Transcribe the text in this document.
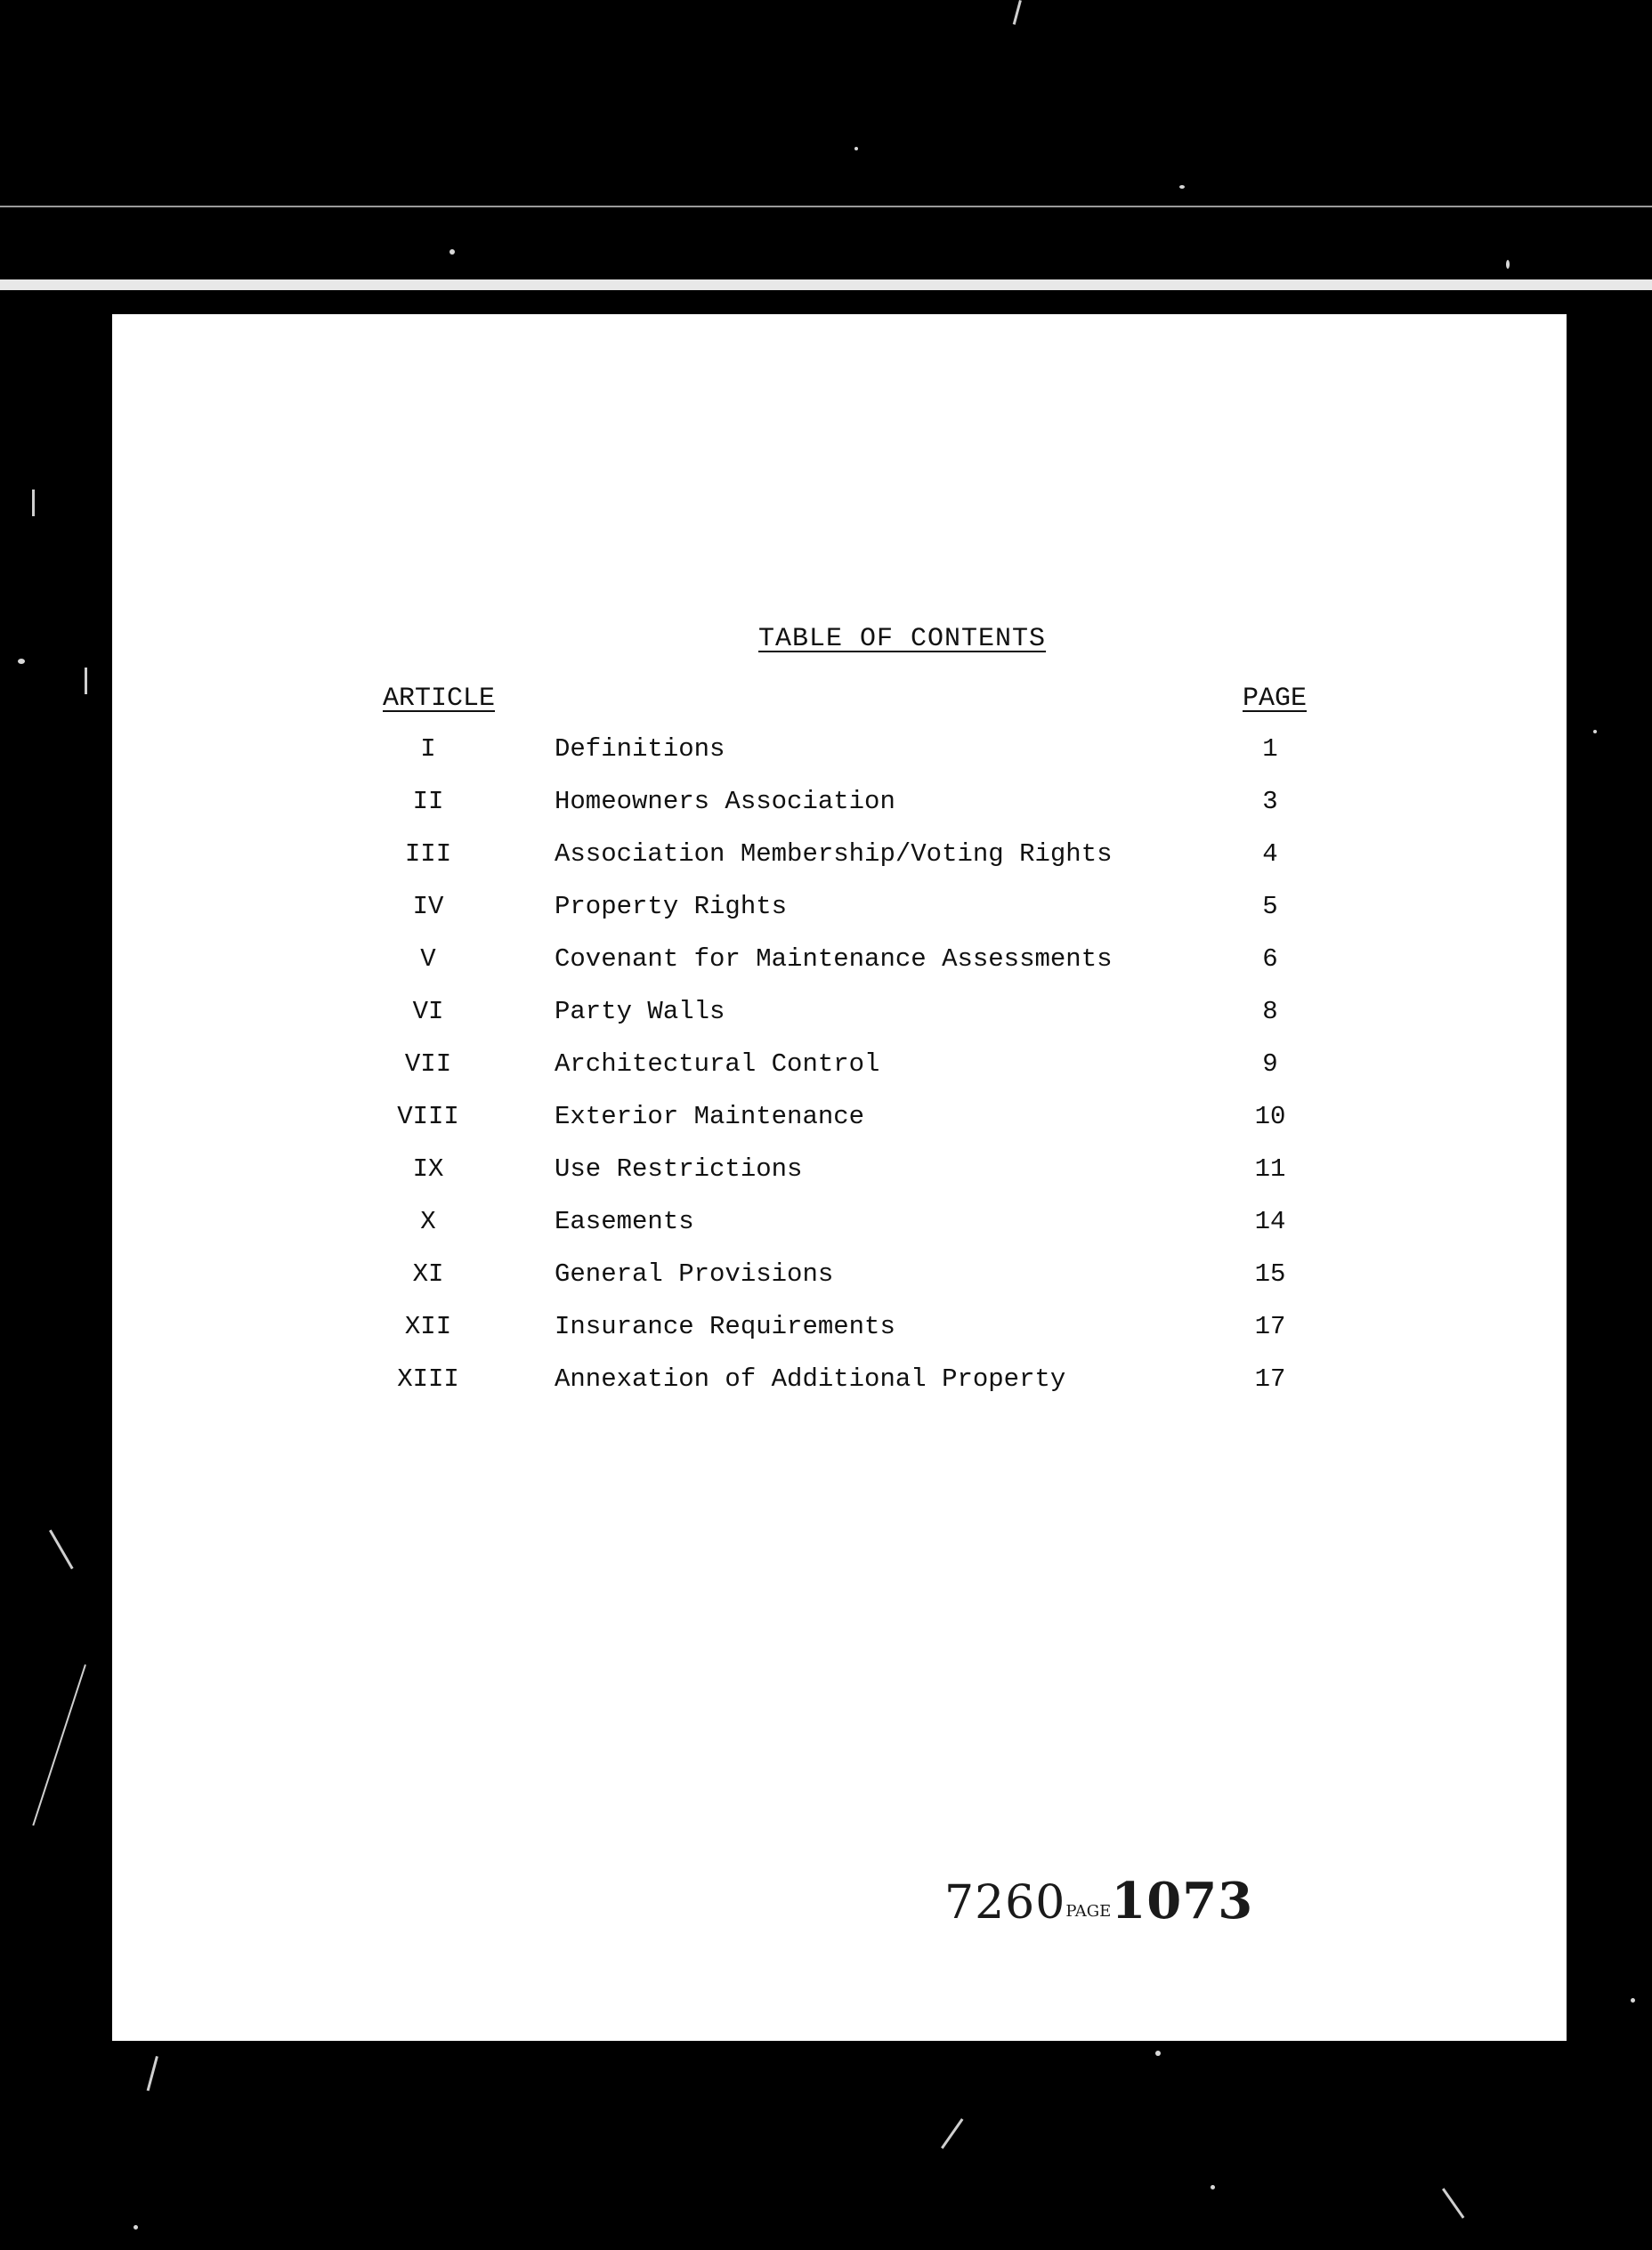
TABLE OF CONTENTS
ARTICLE	PAGE
I	Definitions .....	1
II	Homeowners Association .....	3
III	Association Membership/Voting Rights .....	4
IV	Property Rights .....	5
V	Covenant for Maintenance Assessments .....	6
VI	Party Walls .....	8
VII	Architectural Control .....	9
VIII	Exterior Maintenance .....	10
IX	Use Restrictions .....	11
X	Easements .....	14
XI	General Provisions .....	15
XII	Insurance Requirements .....	17
XIII	Annexation of Additional Property .....	17
7260PAGE1073
